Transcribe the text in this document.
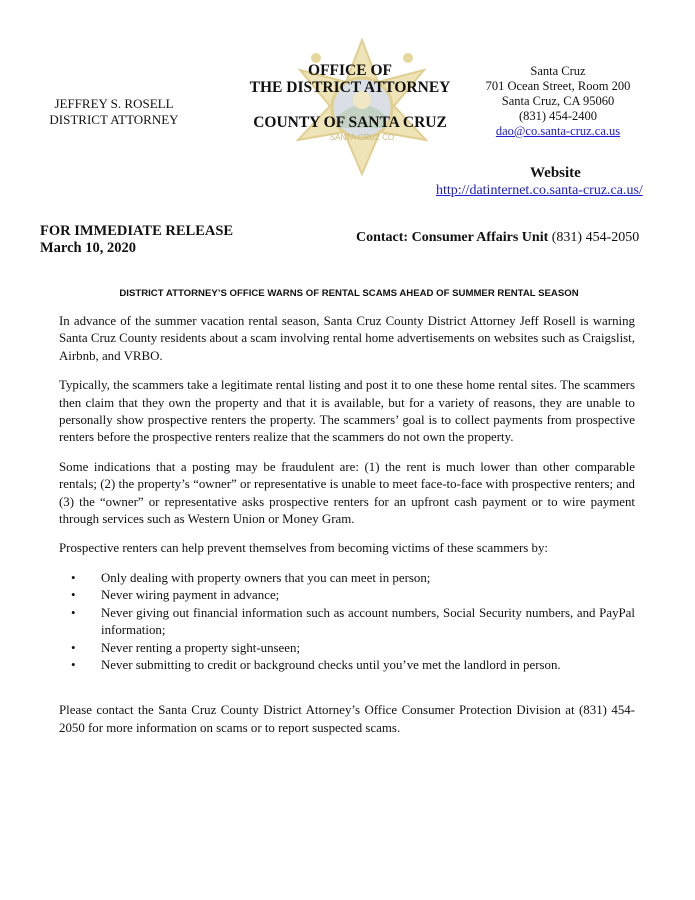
JEFFREY S. ROSELL
DISTRICT ATTORNEY
SANTA CRUZ CO
OFFICE OF
THE DISTRICT ATTORNEY
COUNTY OF SANTA CRUZ
Santa Cruz
701 Ocean Street, Room 200
Santa Cruz, CA 95060
(831) 454-2400
dao@co.santa-cruz.ca.us
Website
http://datinternet.co.santa-cruz.ca.us/
FOR IMMEDIATE RELEASE
March 10, 2020
Contact: Consumer Affairs Unit (831) 454-2050
DISTRICT ATTORNEY’S OFFICE WARNS OF RENTAL SCAMS AHEAD OF SUMMER RENTAL SEASON

In advance of the summer vacation rental season, Santa Cruz County District Attorney Jeff Rosell is warning Santa Cruz County residents about a scam involving rental home advertisements on websites such as Craigslist, Airbnb, and VRBO.

Typically, the scammers take a legitimate rental listing and post it to one these home rental sites. The scammers then claim that they own the property and that it is available, but for a variety of reasons, they are unable to personally show prospective renters the property. The scammers’ goal is to collect payments from prospective renters before the prospective renters realize that the scammers do not own the property.

Some indications that a posting may be fraudulent are: (1) the rent is much lower than other comparable rentals; (2) the property’s “owner” or representative is unable to meet face-to-face with prospective renters; and (3) the “owner” or representative asks prospective renters for an upfront cash payment or to wire payment through services such as Western Union or Money Gram.

Prospective renters can help prevent themselves from becoming victims of these scammers by:

• Only dealing with property owners that you can meet in person;
• Never wiring payment in advance;
• Never giving out financial information such as account numbers, Social Security numbers, and PayPal information;
• Never renting a property sight-unseen;
• Never submitting to credit or background checks until you’ve met the landlord in person.

Please contact the Santa Cruz County District Attorney’s Office Consumer Protection Division at (831) 454-2050 for more information on scams or to report suspected scams.
